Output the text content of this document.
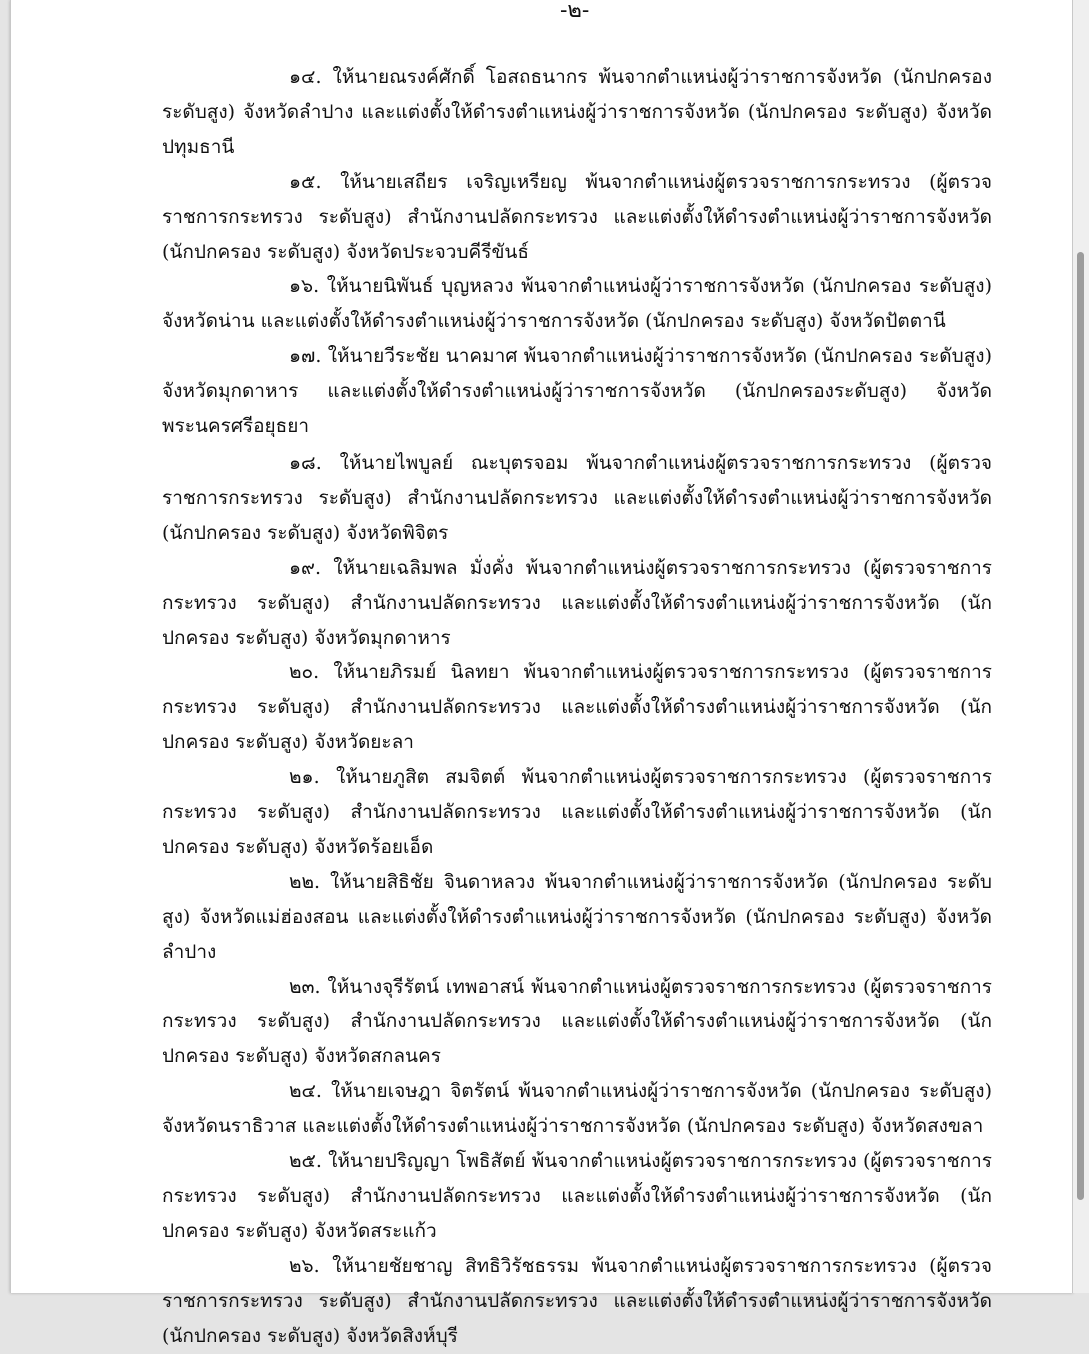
-๒-

๑๔. ให้นายณรงค์ศักดิ์ โอสถธนากร พ้นจากตำแหน่งผู้ว่าราชการจังหวัด (นักปกครอง ระดับสูง) จังหวัดลำปาง และแต่งตั้งให้ดำรงตำแหน่งผู้ว่าราชการจังหวัด (นักปกครอง ระดับสูง) จังหวัดปทุมธานี

๑๕. ให้นายเสถียร เจริญเหรียญ พ้นจากตำแหน่งผู้ตรวจราชการกระทรวง (ผู้ตรวจราชการกระทรวง ระดับสูง) สำนักงานปลัดกระทรวง และแต่งตั้งให้ดำรงตำแหน่งผู้ว่าราชการจังหวัด (นักปกครอง ระดับสูง) จังหวัดประจวบคีรีขันธ์

๑๖. ให้นายนิพันธ์ บุญหลวง พ้นจากตำแหน่งผู้ว่าราชการจังหวัด (นักปกครอง ระดับสูง) จังหวัดน่าน และแต่งตั้งให้ดำรงตำแหน่งผู้ว่าราชการจังหวัด (นักปกครอง ระดับสูง) จังหวัดปัตตานี

๑๗. ให้นายวีระชัย นาคมาศ พ้นจากตำแหน่งผู้ว่าราชการจังหวัด (นักปกครอง ระดับสูง) จังหวัดมุกดาหาร และแต่งตั้งให้ดำรงตำแหน่งผู้ว่าราชการจังหวัด (นักปกครองระดับสูง) จังหวัดพระนครศรีอยุธยา

๑๘. ให้นายไพบูลย์ ณะบุตรจอม พ้นจากตำแหน่งผู้ตรวจราชการกระทรวง (ผู้ตรวจราชการกระทรวง ระดับสูง) สำนักงานปลัดกระทรวง และแต่งตั้งให้ดำรงตำแหน่งผู้ว่าราชการจังหวัด (นักปกครอง ระดับสูง) จังหวัดพิจิตร

๑๙. ให้นายเฉลิมพล มั่งคั่ง พ้นจากตำแหน่งผู้ตรวจราชการกระทรวง (ผู้ตรวจราชการกระทรวง ระดับสูง) สำนักงานปลัดกระทรวง และแต่งตั้งให้ดำรงตำแหน่งผู้ว่าราชการจังหวัด (นักปกครอง ระดับสูง) จังหวัดมุกดาหาร

๒๐. ให้นายภิรมย์ นิลทยา พ้นจากตำแหน่งผู้ตรวจราชการกระทรวง (ผู้ตรวจราชการกระทรวง ระดับสูง) สำนักงานปลัดกระทรวง และแต่งตั้งให้ดำรงตำแหน่งผู้ว่าราชการจังหวัด (นักปกครอง ระดับสูง) จังหวัดยะลา

๒๑. ให้นายภูสิต สมจิตต์ พ้นจากตำแหน่งผู้ตรวจราชการกระทรวง (ผู้ตรวจราชการกระทรวง ระดับสูง) สำนักงานปลัดกระทรวง และแต่งตั้งให้ดำรงตำแหน่งผู้ว่าราชการจังหวัด (นักปกครอง ระดับสูง) จังหวัดร้อยเอ็ด

๒๒. ให้นายสิธิชัย จินดาหลวง พ้นจากตำแหน่งผู้ว่าราชการจังหวัด (นักปกครอง ระดับสูง) จังหวัดแม่ฮ่องสอน และแต่งตั้งให้ดำรงตำแหน่งผู้ว่าราชการจังหวัด (นักปกครอง ระดับสูง) จังหวัดลำปาง

๒๓. ให้นางจุรีรัตน์ เทพอาสน์ พ้นจากตำแหน่งผู้ตรวจราชการกระทรวง (ผู้ตรวจราชการกระทรวง ระดับสูง) สำนักงานปลัดกระทรวง และแต่งตั้งให้ดำรงตำแหน่งผู้ว่าราชการจังหวัด (นักปกครอง ระดับสูง) จังหวัดสกลนคร

๒๔. ให้นายเจษฎา จิตรัตน์ พ้นจากตำแหน่งผู้ว่าราชการจังหวัด (นักปกครอง ระดับสูง) จังหวัดนราธิวาส และแต่งตั้งให้ดำรงตำแหน่งผู้ว่าราชการจังหวัด (นักปกครอง ระดับสูง) จังหวัดสงขลา

๒๕. ให้นายปริญญา โพธิสัตย์ พ้นจากตำแหน่งผู้ตรวจราชการกระทรวง (ผู้ตรวจราชการกระทรวง ระดับสูง) สำนักงานปลัดกระทรวง และแต่งตั้งให้ดำรงตำแหน่งผู้ว่าราชการจังหวัด (นักปกครอง ระดับสูง) จังหวัดสระแก้ว

๒๖. ให้นายชัยชาญ สิทธิวิรัชธรรม พ้นจากตำแหน่งผู้ตรวจราชการกระทรวง (ผู้ตรวจราชการกระทรวง ระดับสูง) สำนักงานปลัดกระทรวง และแต่งตั้งให้ดำรงตำแหน่งผู้ว่าราชการจังหวัด (นักปกครอง ระดับสูง) จังหวัดสิงห์บุรี
